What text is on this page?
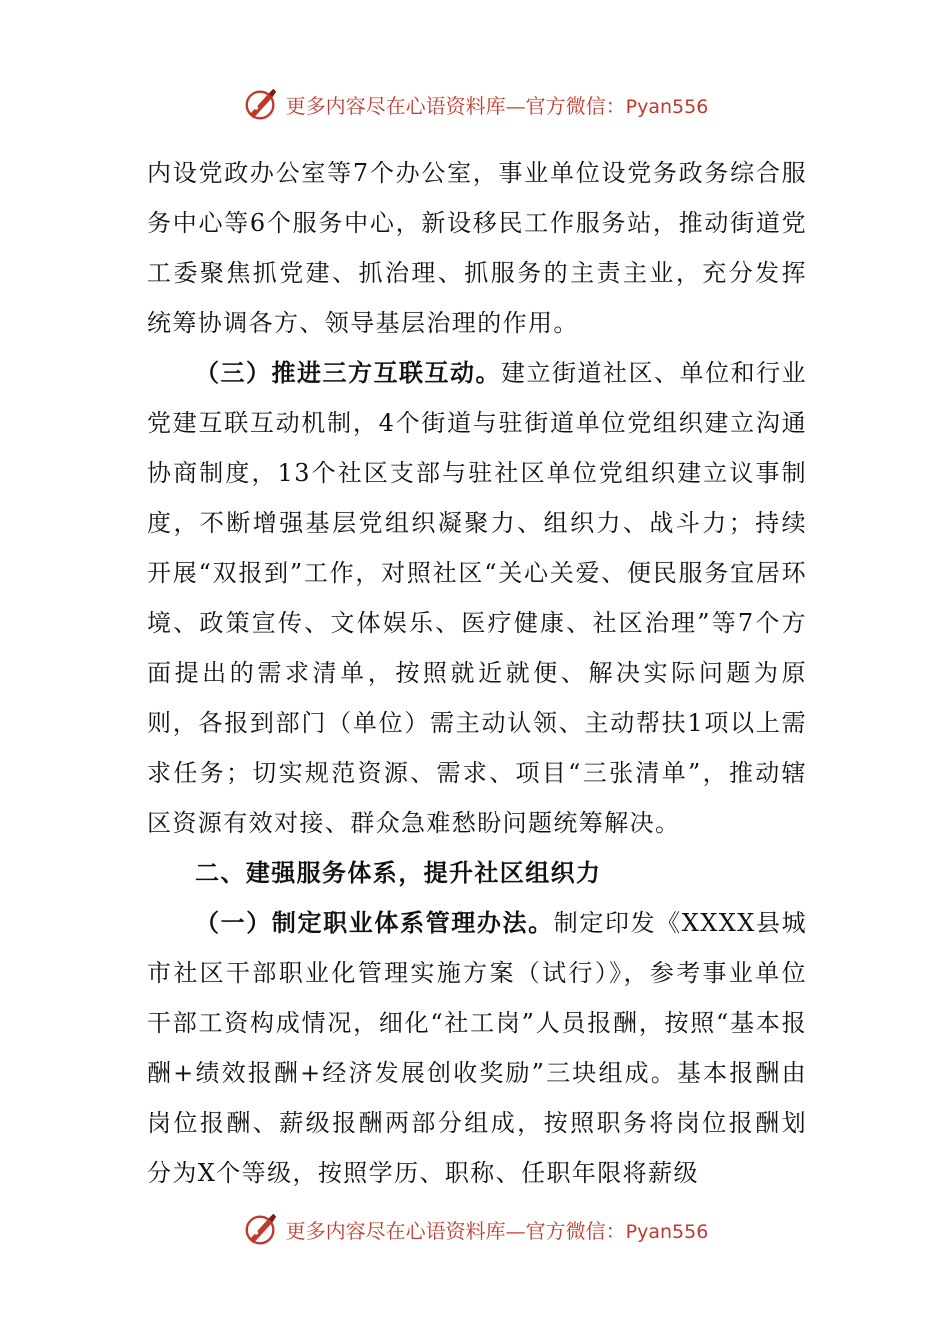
更多内容尽在心语资料库—官方微信：Pyan556

内设党政办公室等7个办公室，事业单位设党务政务综合服务中心等6个服务中心，新设移民工作服务站，推动街道党工委聚焦抓党建、抓治理、抓服务的主责主业，充分发挥统筹协调各方、领导基层治理的作用。

（三）推进三方互联互动。建立街道社区、单位和行业党建互联互动机制，4个街道与驻街道单位党组织建立沟通协商制度，13个社区支部与驻社区单位党组织建立议事制度，不断增强基层党组织凝聚力、组织力、战斗力；持续开展“双报到”工作，对照社区“关心关爱、便民服务宜居环境、政策宣传、文体娱乐、医疗健康、社区治理”等7个方面提出的需求清单，按照就近就便、解决实际问题为原则，各报到部门（单位）需主动认领、主动帮扶1项以上需求任务；切实规范资源、需求、项目“三张清单”，推动辖区资源有效对接、群众急难愁盼问题统筹解决。

二、建强服务体系，提升社区组织力

（一）制定职业体系管理办法。制定印发《XXXX县城市社区干部职业化管理实施方案（试行）》，参考事业单位干部工资构成情况，细化“社工岗”人员报酬，按照“基本报酬+绩效报酬+经济发展创收奖励”三块组成。基本报酬由岗位报酬、薪级报酬两部分组成，按照职务将岗位报酬划分为X个等级，按照学历、职称、任职年限将薪级

更多内容尽在心语资料库—官方微信：Pyan556
